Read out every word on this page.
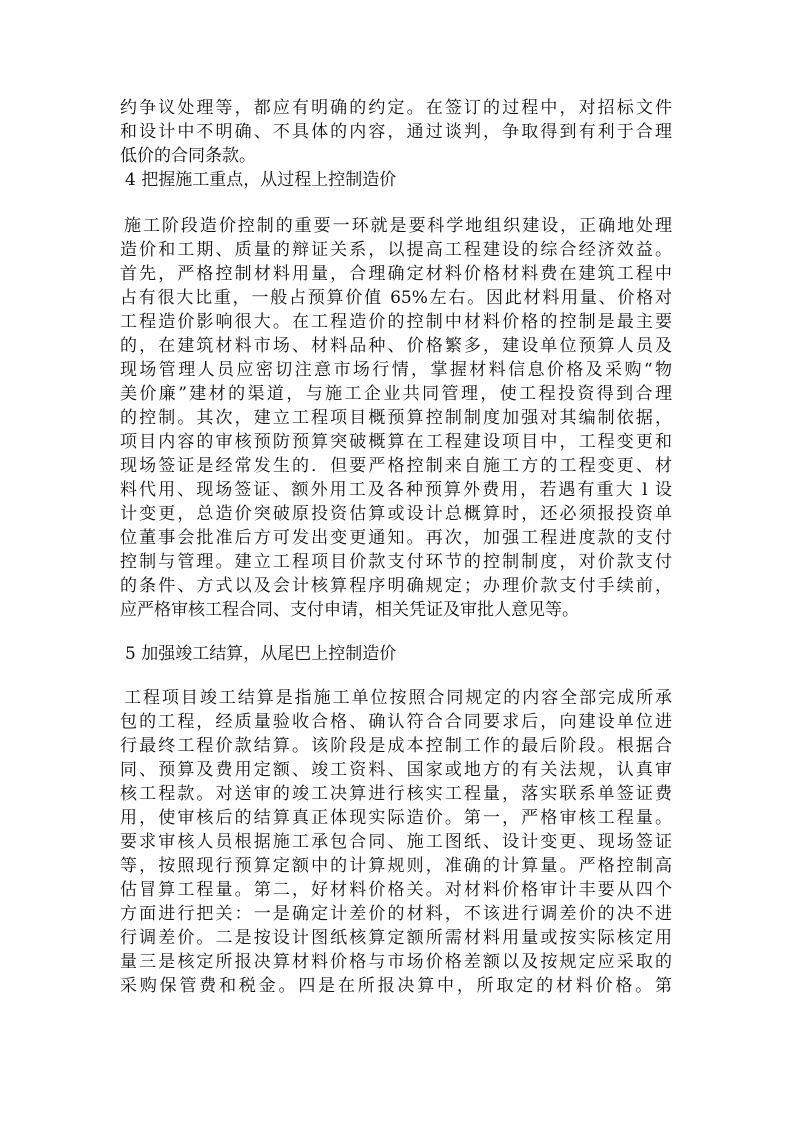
约争议处理等，都应有明确的约定。在签订的过程中，对招标文件
和设计中不明确、不具体的内容，通过谈判，争取得到有利于合理
低价的合同条款。
4 把握施工重点，从过程上控制造价
施工阶段造价控制的重要一环就是要科学地组织建设，正确地处理
造价和工期、质量的辩证关系，以提高工程建设的综合经济效益。
首先，严格控制材料用量，合理确定材料价格材料费在建筑工程中
占有很大比重，一般占预算价值 65%左右。因此材料用量、价格对
工程造价影响很大。在工程造价的控制中材料价格的控制是最主要
的，在建筑材料市场、材料品种、价格繁多，建设单位预算人员及
现场管理人员应密切注意市场行情，掌握材料信息价格及采购“物
美价廉”建材的渠道，与施工企业共同管理，使工程投资得到合理
的控制。其次，建立工程项目概预算控制制度加强对其编制依据，
项目内容的审核预防预算突破概算在工程建设项目中，工程变更和
现场签证是经常发生的．但要严格控制来自施工方的工程变更、材
料代用、现场签证、额外用工及各种预算外费用，若遇有重大 l 设
计变更，总造价突破原投资估算或设计总概算时，还必须报投资单
位董事会批准后方可发出变更通知。再次，加强工程进度款的支付
控制与管理。建立工程项目价款支付环节的控制制度，对价款支付
的条件、方式以及会计核算程序明确规定；办理价款支付手续前，
应严格审核工程合同、支付申请，相关凭证及审批人意见等。
5 加强竣工结算，从尾巴上控制造价
工程项目竣工结算是指施工单位按照合同规定的内容全部完成所承
包的工程，经质量验收合格、确认符合合同要求后，向建设单位进
行最终工程价款结算。该阶段是成本控制工作的最后阶段。根据合
同、预算及费用定额、竣工资料、国家或地方的有关法规，认真审
核工程款。对送审的竣工决算进行核实工程量，落实联系单签证费
用，使审核后的结算真正体现实际造价。第一，严格审核工程量。
要求审核人员根据施工承包合同、施工图纸、设计变更、现场签证
等，按照现行预算定额中的计算规则，准确的计算量。严格控制高
估冒算工程量。第二，好材料价格关。对材料价格审计丰要从四个
方面进行把关：一是确定计差价的材料，不该进行调差价的决不进
行调差价。二是按设计图纸核算定额所需材料用量或按实际核定用
量三是核定所报决算材料价格与市场价格差额以及按规定应采取的
采购保管费和税金。四是在所报决算中，所取定的材料价格。第
